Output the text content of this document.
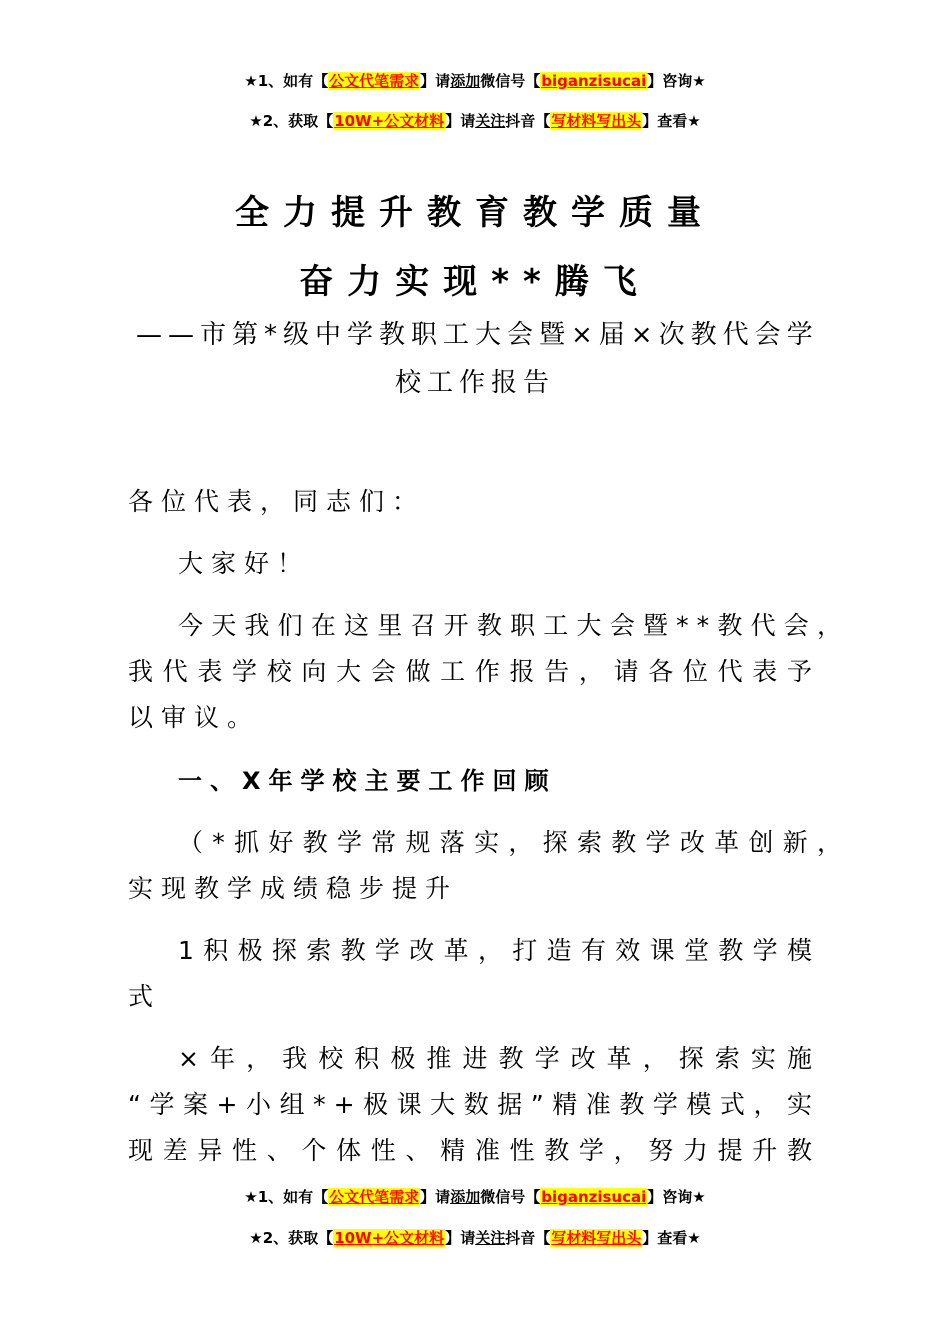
★1、如有【公文代笔需求】请添加微信号【biganzisucai】咨询★
★2、获取【10W+公文材料】请关注抖音【写材料写出头】查看★
全力提升教育教学质量
奋力实现**腾飞
——市第*级中学教职工大会暨×届×次教代会学
校工作报告
各位代表，同志们：
大家好！
今天我们在这里召开教职工大会暨**教代会，
我代表学校向大会做工作报告，请各位代表予
以审议。
一、X年学校主要工作回顾
（*抓好教学常规落实，探索教学改革创新，
实现教学成绩稳步提升
1积极探索教学改革，打造有效课堂教学模
式
×年，我校积极推进教学改革，探索实施
“学案+小组*+极课大数据”精准教学模式，实
现差异性、个体性、精准性教学，努力提升教
★1、如有【公文代笔需求】请添加微信号【biganzisucai】咨询★
★2、获取【10W+公文材料】请关注抖音【写材料写出头】查看★
